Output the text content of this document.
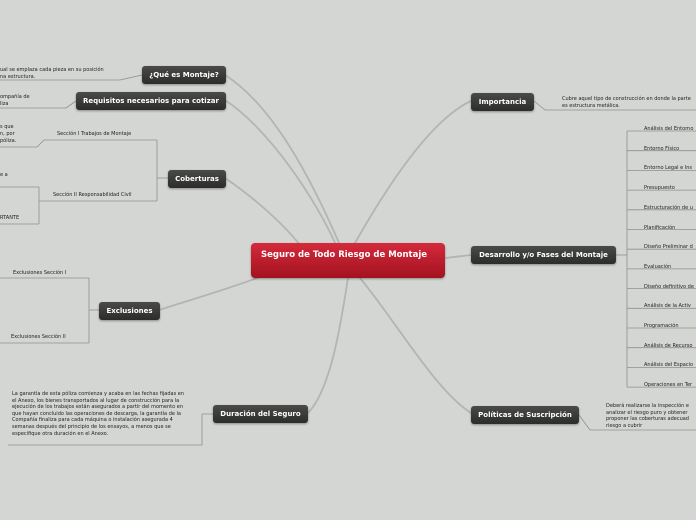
Seguro de Todo Riesgo de Montaje
¿Qué es Montaje?
Requisitos necesarios para cotizar
Coberturas
Exclusiones
Duración del Seguro
Importancia
Desarrollo y/o Fases del Montaje
Políticas de Suscripción
ual se emplaza cada pieza en su posición
na estructura.
ompañía de
liza
Sección I Trabajos de Montaje
s que
n, por
póliza.
Sección II Responsabilidad Civil
e a
RTANTE
Exclusiones Sección I
Exclusiones Sección II
La garantía de esta póliza comienza y acaba en las fechas fijadas en el Anexo, los bienes transportados al lugar de construcción para la ejecución de los trabajos están asegurados a partir del momento en que hayan concluido las operaciones de descarga, la garantía de la Compañía finaliza para cada máquina o instalación asegurada 4 semanas después del principio de los ensayos, a menos que se especifique otra duración en el Anexo.
Cubre aquel tipo de construcción en donde la parte
es estructura metálica.
Análisis del Entorno
Entorno Físico
Entorno Legal e Ins
Presupuesto
Estructuración de u
Planificación
Diseño Preliminar d
Evaluación
Diseño definitivo de
Análisis de la Activ
Programación
Análisis de Recurso
Análisis del Espacio
Operaciones en Ter
Deberá realizarse la inspección e
analizar el riesgo puro y obtener
proponer las coberturas adecuad
riesgo a cubrir
